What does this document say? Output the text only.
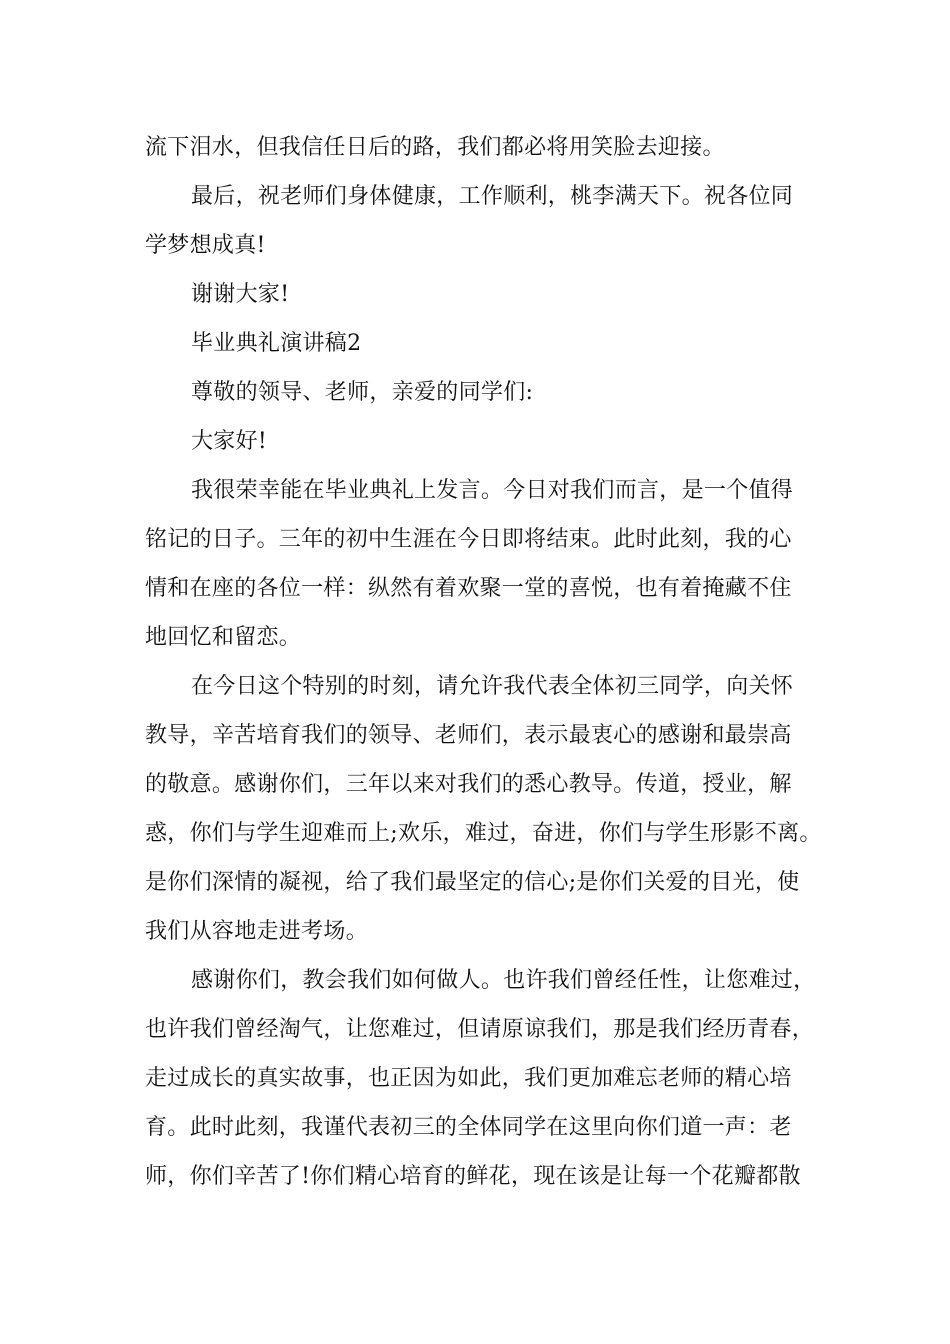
流下泪水，但我信任日后的路，我们都必将用笑脸去迎接。
最后，祝老师们身体健康，工作顺利，桃李满天下。祝各位同
学梦想成真!
谢谢大家!
毕业典礼演讲稿2
尊敬的领导、老师，亲爱的同学们:
大家好!
我很荣幸能在毕业典礼上发言。今日对我们而言，是一个值得
铭记的日子。三年的初中生涯在今日即将结束。此时此刻，我的心
情和在座的各位一样：纵然有着欢聚一堂的喜悦，也有着掩藏不住
地回忆和留恋。
在今日这个特别的时刻，请允许我代表全体初三同学，向关怀
教导，辛苦培育我们的领导、老师们，表示最衷心的感谢和最崇高
的敬意。感谢你们，三年以来对我们的悉心教导。传道，授业，解
惑，你们与学生迎难而上;欢乐，难过，奋进，你们与学生形影不离。
是你们深情的凝视，给了我们最坚定的信心;是你们关爱的目光，使
我们从容地走进考场。
感谢你们，教会我们如何做人。也许我们曾经任性，让您难过，
也许我们曾经淘气，让您难过，但请原谅我们，那是我们经历青春，
走过成长的真实故事，也正因为如此，我们更加难忘老师的精心培
育。此时此刻，我谨代表初三的全体同学在这里向你们道一声：老
师，你们辛苦了!你们精心培育的鲜花，现在该是让每一个花瓣都散
